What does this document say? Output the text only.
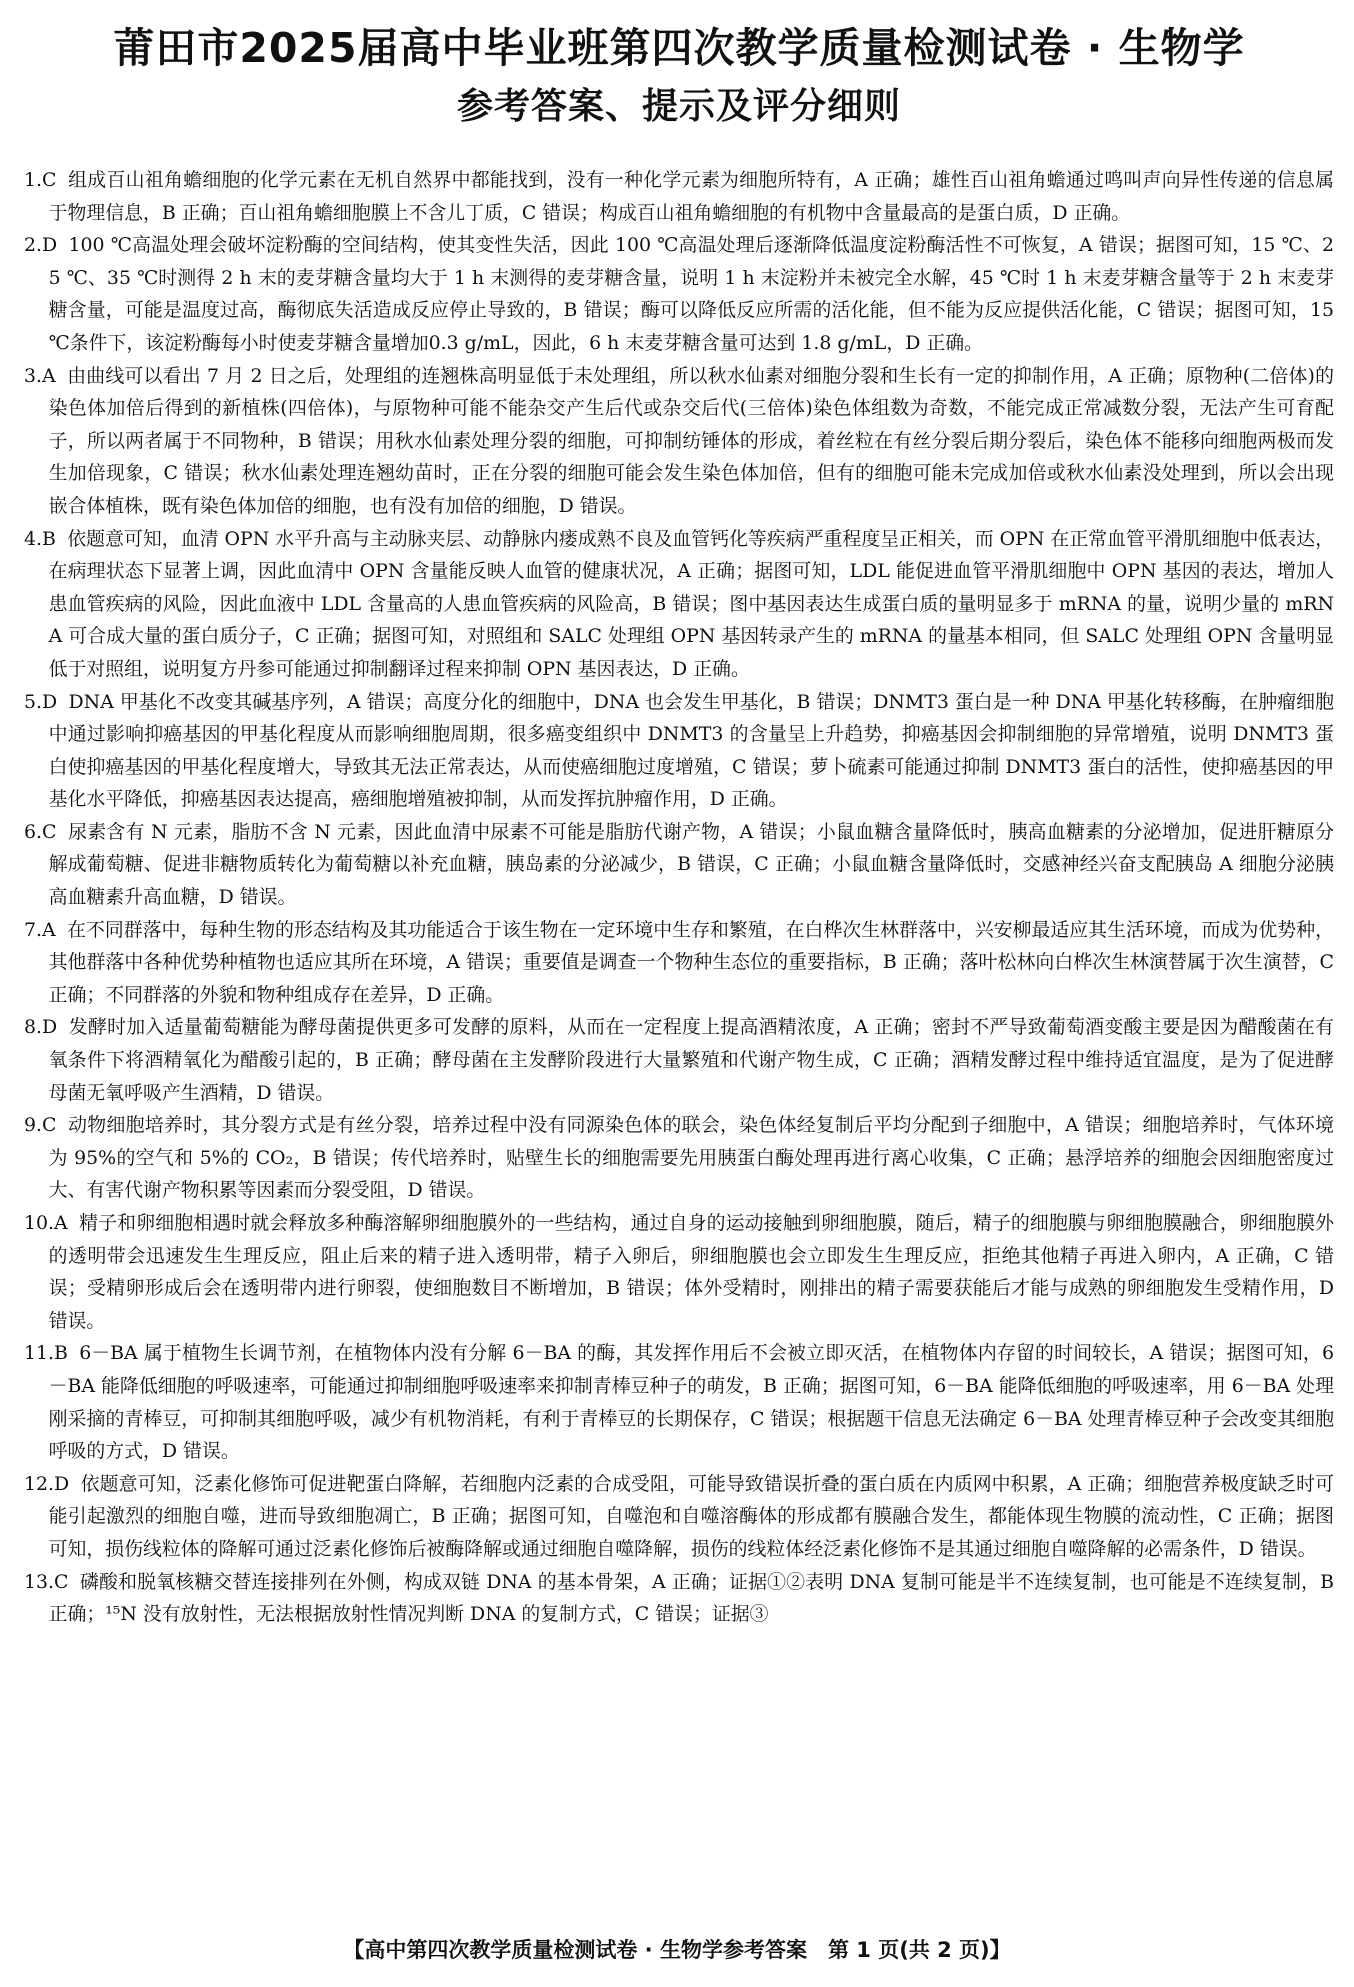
莆田市2025届高中毕业班第四次教学质量检测试卷 · 生物学
参考答案、提示及评分细则

1.C 组成百山祖角蟾细胞的化学元素在无机自然界中都能找到，没有一种化学元素为细胞所特有，A 正确；雄性百山祖角蟾通过鸣叫声向异性传递的信息属于物理信息，B 正确；百山祖角蟾细胞膜上不含儿丁质，C 错误；构成百山祖角蟾细胞的有机物中含量最高的是蛋白质，D 正确。

2.D 100 ℃高温处理会破坏淀粉酶的空间结构，使其变性失活，因此 100 ℃高温处理后逐渐降低温度淀粉酶活性不可恢复，A 错误；据图可知，15 ℃、25 ℃、35 ℃时测得 2 h 末的麦芽糖含量均大于 1 h 末测得的麦芽糖含量，说明 1 h 末淀粉并未被完全水解，45 ℃时 1 h 末麦芽糖含量等于 2 h 末麦芽糖含量，可能是温度过高，酶彻底失活造成反应停止导致的，B 错误；酶可以降低反应所需的活化能，但不能为反应提供活化能，C 错误；据图可知，15 ℃条件下，该淀粉酶每小时使麦芽糖含量增加0.3 g/mL，因此，6 h 末麦芽糖含量可达到 1.8 g/mL，D 正确。

3.A 由曲线可以看出 7 月 2 日之后，处理组的连翘株高明显低于未处理组，所以秋水仙素对细胞分裂和生长有一定的抑制作用，A 正确；原物种(二倍体)的染色体加倍后得到的新植株(四倍体)，与原物种可能不能杂交产生后代或杂交后代(三倍体)染色体组数为奇数，不能完成正常减数分裂，无法产生可育配子，所以两者属于不同物种，B 错误；用秋水仙素处理分裂的细胞，可抑制纺锤体的形成，着丝粒在有丝分裂后期分裂后，染色体不能移向细胞两极而发生加倍现象，C 错误；秋水仙素处理连翘幼苗时，正在分裂的细胞可能会发生染色体加倍，但有的细胞可能未完成加倍或秋水仙素没处理到，所以会出现嵌合体植株，既有染色体加倍的细胞，也有没有加倍的细胞，D 错误。

4.B 依题意可知，血清 OPN 水平升高与主动脉夹层、动静脉内瘘成熟不良及血管钙化等疾病严重程度呈正相关，而 OPN 在正常血管平滑肌细胞中低表达，在病理状态下显著上调，因此血清中 OPN 含量能反映人血管的健康状况，A 正确；据图可知，LDL 能促进血管平滑肌细胞中 OPN 基因的表达，增加人患血管疾病的风险，因此血液中 LDL 含量高的人患血管疾病的风险高，B 错误；图中基因表达生成蛋白质的量明显多于 mRNA 的量，说明少量的 mRNA 可合成大量的蛋白质分子，C 正确；据图可知，对照组和 SALC 处理组 OPN 基因转录产生的 mRNA 的量基本相同，但 SALC 处理组 OPN 含量明显低于对照组，说明复方丹参可能通过抑制翻译过程来抑制 OPN 基因表达，D 正确。

5.D DNA 甲基化不改变其碱基序列，A 错误；高度分化的细胞中，DNA 也会发生甲基化，B 错误；DNMT3 蛋白是一种 DNA 甲基化转移酶，在肿瘤细胞中通过影响抑癌基因的甲基化程度从而影响细胞周期，很多癌变组织中 DNMT3 的含量呈上升趋势，抑癌基因会抑制细胞的异常增殖，说明 DNMT3 蛋白使抑癌基因的甲基化程度增大，导致其无法正常表达，从而使癌细胞过度增殖，C 错误；萝卜硫素可能通过抑制 DNMT3 蛋白的活性，使抑癌基因的甲基化水平降低，抑癌基因表达提高，癌细胞增殖被抑制，从而发挥抗肿瘤作用，D 正确。

6.C 尿素含有 N 元素，脂肪不含 N 元素，因此血清中尿素不可能是脂肪代谢产物，A 错误；小鼠血糖含量降低时，胰高血糖素的分泌增加，促进肝糖原分解成葡萄糖、促进非糖物质转化为葡萄糖以补充血糖，胰岛素的分泌减少，B 错误，C 正确；小鼠血糖含量降低时，交感神经兴奋支配胰岛 A 细胞分泌胰高血糖素升高血糖，D 错误。

7.A 在不同群落中，每种生物的形态结构及其功能适合于该生物在一定环境中生存和繁殖，在白桦次生林群落中，兴安柳最适应其生活环境，而成为优势种，其他群落中各种优势种植物也适应其所在环境，A 错误；重要值是调查一个物种生态位的重要指标，B 正确；落叶松林向白桦次生林演替属于次生演替，C 正确；不同群落的外貌和物种组成存在差异，D 正确。

8.D 发酵时加入适量葡萄糖能为酵母菌提供更多可发酵的原料，从而在一定程度上提高酒精浓度，A 正确；密封不严导致葡萄酒变酸主要是因为醋酸菌在有氧条件下将酒精氧化为醋酸引起的，B 正确；酵母菌在主发酵阶段进行大量繁殖和代谢产物生成，C 正确；酒精发酵过程中维持适宜温度，是为了促进酵母菌无氧呼吸产生酒精，D 错误。

9.C 动物细胞培养时，其分裂方式是有丝分裂，培养过程中没有同源染色体的联会，染色体经复制后平均分配到子细胞中，A 错误；细胞培养时，气体环境为 95%的空气和 5%的 CO₂，B 错误；传代培养时，贴壁生长的细胞需要先用胰蛋白酶处理再进行离心收集，C 正确；悬浮培养的细胞会因细胞密度过大、有害代谢产物积累等因素而分裂受阻，D 错误。

10.A 精子和卵细胞相遇时就会释放多种酶溶解卵细胞膜外的一些结构，通过自身的运动接触到卵细胞膜，随后，精子的细胞膜与卵细胞膜融合，卵细胞膜外的透明带会迅速发生生理反应，阻止后来的精子进入透明带，精子入卵后，卵细胞膜也会立即发生生理反应，拒绝其他精子再进入卵内，A 正确，C 错误；受精卵形成后会在透明带内进行卵裂，使细胞数目不断增加，B 错误；体外受精时，刚排出的精子需要获能后才能与成熟的卵细胞发生受精作用，D 错误。

11.B 6－BA 属于植物生长调节剂，在植物体内没有分解 6－BA 的酶，其发挥作用后不会被立即灭活，在植物体内存留的时间较长，A 错误；据图可知，6－BA 能降低细胞的呼吸速率，可能通过抑制细胞呼吸速率来抑制青棒豆种子的萌发，B 正确；据图可知，6－BA 能降低细胞的呼吸速率，用 6－BA 处理刚采摘的青棒豆，可抑制其细胞呼吸，减少有机物消耗，有利于青棒豆的长期保存，C 错误；根据题干信息无法确定 6－BA 处理青棒豆种子会改变其细胞呼吸的方式，D 错误。

12.D 依题意可知，泛素化修饰可促进靶蛋白降解，若细胞内泛素的合成受阻，可能导致错误折叠的蛋白质在内质网中积累，A 正确；细胞营养极度缺乏时可能引起激烈的细胞自噬，进而导致细胞凋亡，B 正确；据图可知，自噬泡和自噬溶酶体的形成都有膜融合发生，都能体现生物膜的流动性，C 正确；据图可知，损伤线粒体的降解可通过泛素化修饰后被酶降解或通过细胞自噬降解，损伤的线粒体经泛素化修饰不是其通过细胞自噬降解的必需条件，D 错误。

13.C 磷酸和脱氧核糖交替连接排列在外侧，构成双链 DNA 的基本骨架，A 正确；证据①②表明 DNA 复制可能是半不连续复制，也可能是不连续复制，B 正确；¹⁵N 没有放射性，无法根据放射性情况判断 DNA 的复制方式，C 错误；证据③

【高中第四次教学质量检测试卷 · 生物学参考答案　第 1 页(共 2 页)】
